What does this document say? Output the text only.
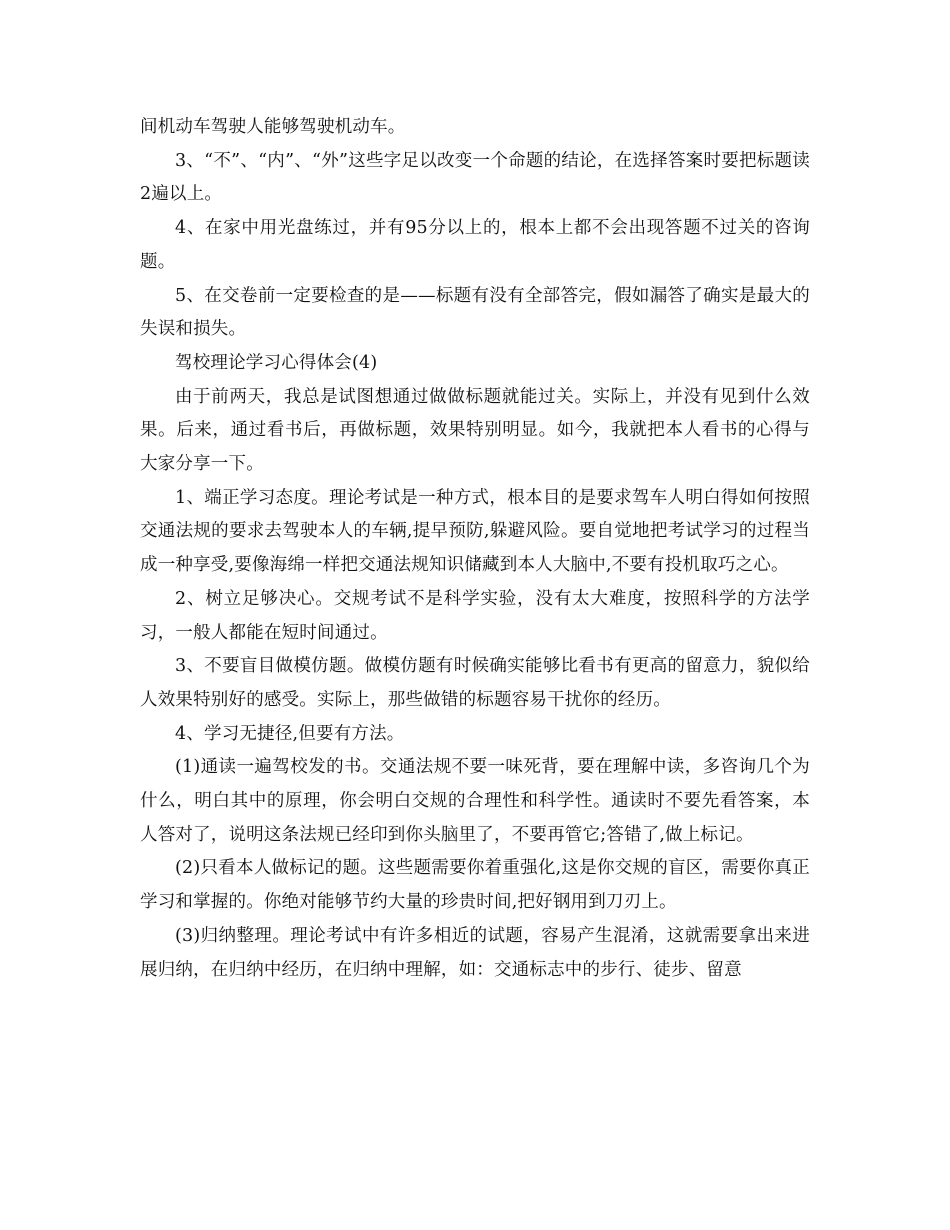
间机动车驾驶人能够驾驶机动车。

3、“不”、“内”、“外”这些字足以改变一个命题的结论，在选择答案时要把标题读2遍以上。

4、在家中用光盘练过，并有95分以上的，根本上都不会出现答题不过关的咨询题。

5、在交卷前一定要检查的是——标题有没有全部答完，假如漏答了确实是最大的失误和损失。

驾校理论学习心得体会(4)

由于前两天，我总是试图想通过做做标题就能过关。实际上，并没有见到什么效果。后来，通过看书后，再做标题，效果特别明显。如今，我就把本人看书的心得与大家分享一下。

1、端正学习态度。理论考试是一种方式，根本目的是要求驾车人明白得如何按照交通法规的要求去驾驶本人的车辆,提早预防,躲避风险。要自觉地把考试学习的过程当成一种享受,要像海绵一样把交通法规知识储藏到本人大脑中,不要有投机取巧之心。

2、树立足够决心。交规考试不是科学实验，没有太大难度，按照科学的方法学习，一般人都能在短时间通过。

3、不要盲目做模仿题。做模仿题有时候确实能够比看书有更高的留意力，貌似给人效果特别好的感受。实际上，那些做错的标题容易干扰你的经历。

4、学习无捷径,但要有方法。

(1)通读一遍驾校发的书。交通法规不要一味死背，要在理解中读，多咨询几个为什么，明白其中的原理，你会明白交规的合理性和科学性。通读时不要先看答案，本人答对了，说明这条法规已经印到你头脑里了，不要再管它;答错了,做上标记。

(2)只看本人做标记的题。这些题需要你着重强化,这是你交规的盲区，需要你真正学习和掌握的。你绝对能够节约大量的珍贵时间,把好钢用到刀刃上。

(3)归纳整理。理论考试中有许多相近的试题，容易产生混淆，这就需要拿出来进展归纳，在归纳中经历，在归纳中理解，如：交通标志中的步行、徒步、留意
